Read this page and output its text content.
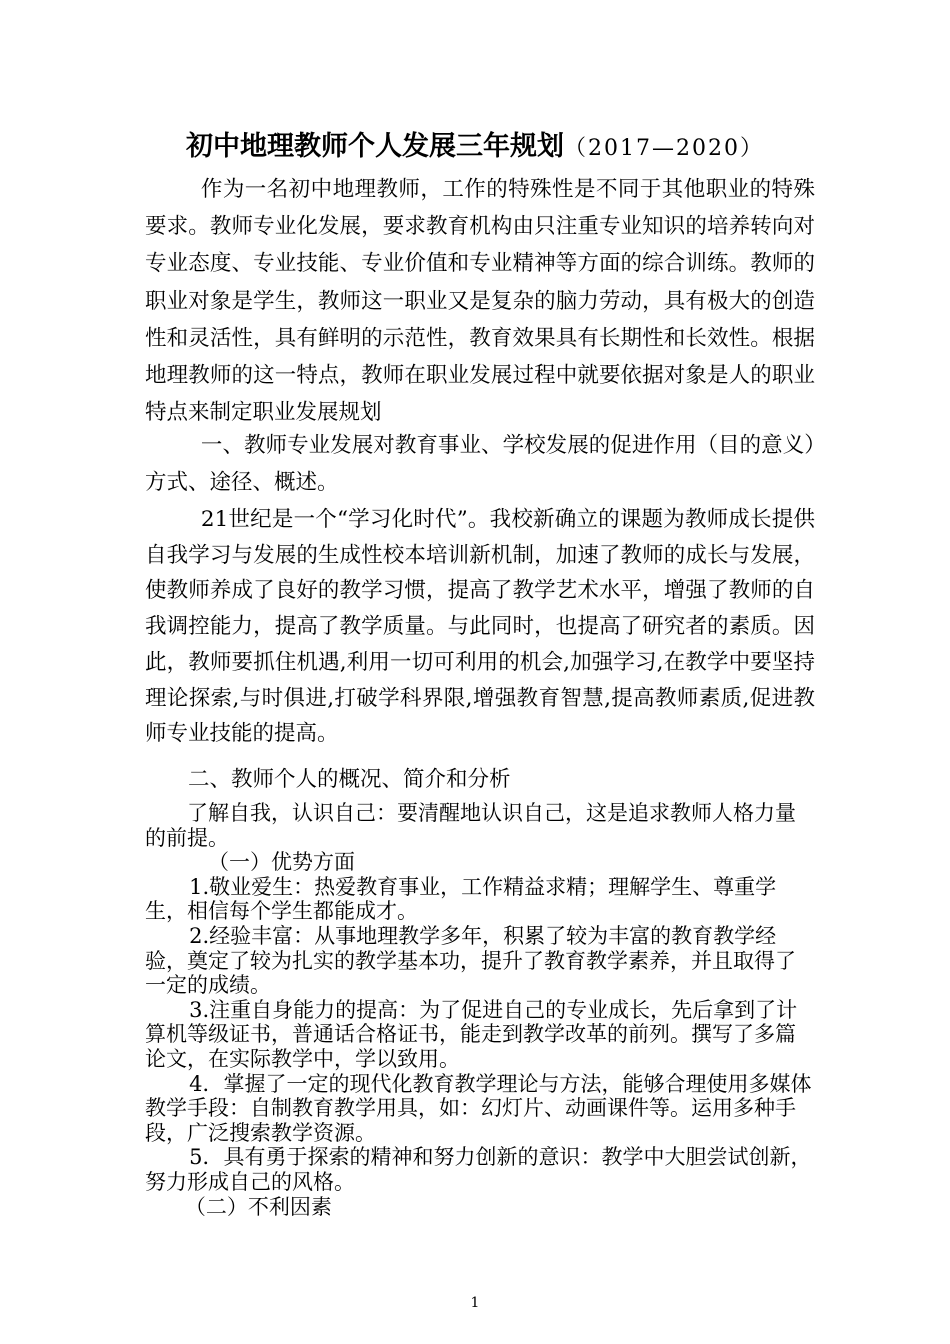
初中地理教师个人发展三年规划（2017—2020）

作为一名初中地理教师，工作的特殊性是不同于其他职业的特殊要求。教师专业化发展，要求教育机构由只注重专业知识的培养转向对专业态度、专业技能、专业价值和专业精神等方面的综合训练。教师的职业对象是学生，教师这一职业又是复杂的脑力劳动，具有极大的创造性和灵活性，具有鲜明的示范性，教育效果具有长期性和长效性。根据地理教师的这一特点，教师在职业发展过程中就要依据对象是人的职业特点来制定职业发展规划

一、教师专业发展对教育事业、学校发展的促进作用（目的意义）方式、途径、概述。

21世纪是一个“学习化时代”。我校新确立的课题为教师成长提供自我学习与发展的生成性校本培训新机制，加速了教师的成长与发展，使教师养成了良好的教学习惯，提高了教学艺术水平，增强了教师的自我调控能力，提高了教学质量。与此同时，也提高了研究者的素质。因此，教师要抓住机遇,利用一切可利用的机会,加强学习,在教学中要坚持理论探索,与时俱进,打破学科界限,增强教育智慧,提高教师素质,促进教师专业技能的提高。

二、教师个人的概况、简介和分析

了解自我，认识自己：要清醒地认识自己，这是追求教师人格力量的前提。

（一）优势方面

1.敬业爱生：热爱教育事业，工作精益求精；理解学生、尊重学生，相信每个学生都能成才。

2.经验丰富：从事地理教学多年，积累了较为丰富的教育教学经验，奠定了较为扎实的教学基本功，提升了教育教学素养，并且取得了一定的成绩。

3.注重自身能力的提高：为了促进自己的专业成长，先后拿到了计算机等级证书，普通话合格证书，能走到教学改革的前列。撰写了多篇论文，在实际教学中，学以致用。

4．掌握了一定的现代化教育教学理论与方法，能够合理使用多媒体教学手段：自制教育教学用具，如：幻灯片、动画课件等。运用多种手段，广泛搜索教学资源。

5．具有勇于探索的精神和努力创新的意识：教学中大胆尝试创新，努力形成自己的风格。

（二）不利因素

1
